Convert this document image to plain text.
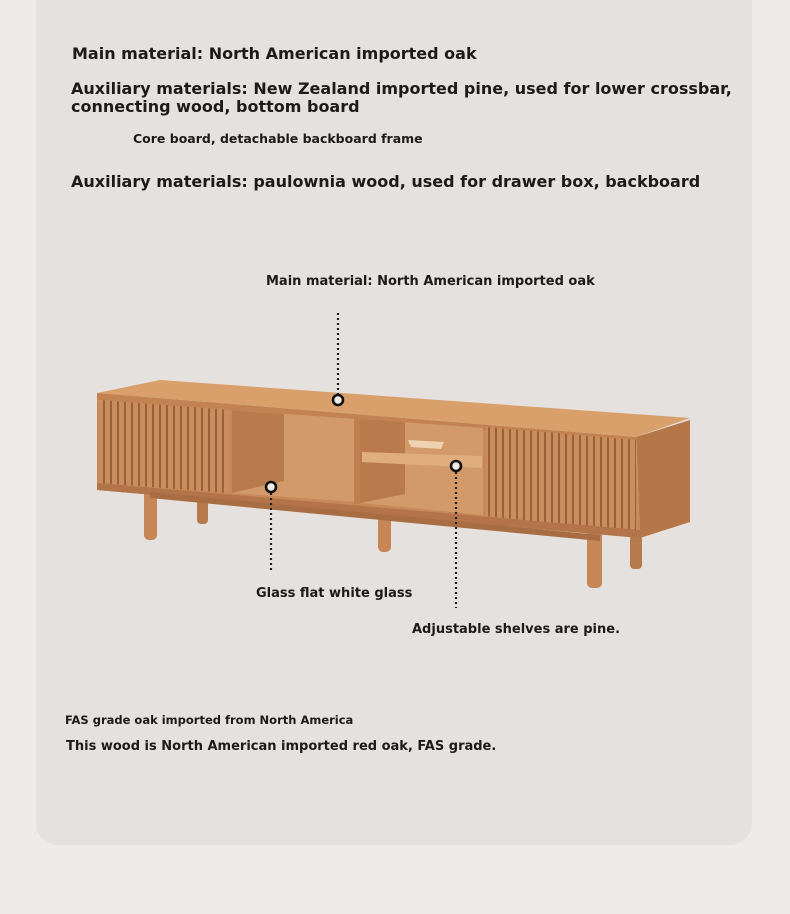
Main material: North American imported oak
Auxiliary materials: New Zealand imported pine, used for lower crossbar, connecting wood, bottom board
Core board, detachable backboard frame
Auxiliary materials: paulownia wood, used for drawer box, backboard
Main material: North American imported oak
Glass flat white glass
Adjustable shelves are pine.
FAS grade oak imported from North America
This wood is North American imported red oak, FAS grade.
